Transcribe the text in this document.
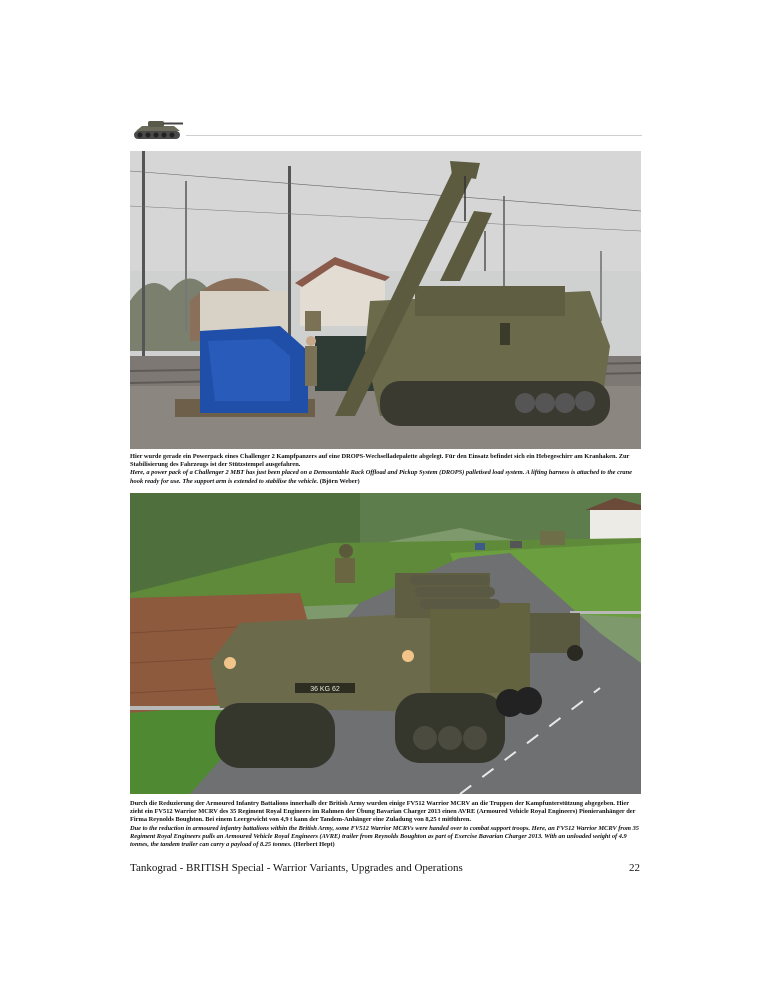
Hier wurde gerade ein Powerpack eines Challenger 2 Kampfpanzers auf eine DROPS-Wechselladepalette abgelegt. Für den Einsatz befindet sich ein Hebegeschirr am Kranhaken. Zur Stabilisierung des Fahrzeugs ist der Stützstempel ausgefahren.

Here, a power pack of a Challenger 2 MBT has just been placed on a Demountable Rack Offload and Pickup System (DROPS) palletised load system. A lifting harness is attached to the crane hook ready for use. The support arm is extended to stabilise the vehicle. (Björn Weber)

36 KG 62

Durch die Reduzierung der Armoured Infantry Battalions innerhalb der British Army wurden einige FV512 Warrior MCRV an die Truppen der Kampfunterstützung abgegeben. Hier zieht ein FV512 Warrior MCRV des 35 Regiment Royal Engineers im Rahmen der Übung Bavarian Charger 2013 einen AVRE (Armoured Vehicle Royal Engineers) Pionieranhänger der Firma Reynolds Boughton. Bei einem Leergewicht von 4,9 t kann der Tandem-Anhänger eine Zuladung von 8,25 t mitführen.

Due to the reduction in armoured infantry battalions within the British Army, some FV512 Warrior MCRVs were handed over to combat support troops. Here, an FV512 Warrior MCRV from 35 Regiment Royal Engineers pulls an Armoured Vehicle Royal Engineers (AVRE) trailer from Reynolds Boughton as part of Exercise Bavarian Charger 2013. With an unloaded weight of 4.9 tonnes, the tandem trailer can carry a payload of 8.25 tonnes. (Herbert Hept)

Tankograd - BRITISH Special - Warrior Variants, Upgrades and Operations	22
